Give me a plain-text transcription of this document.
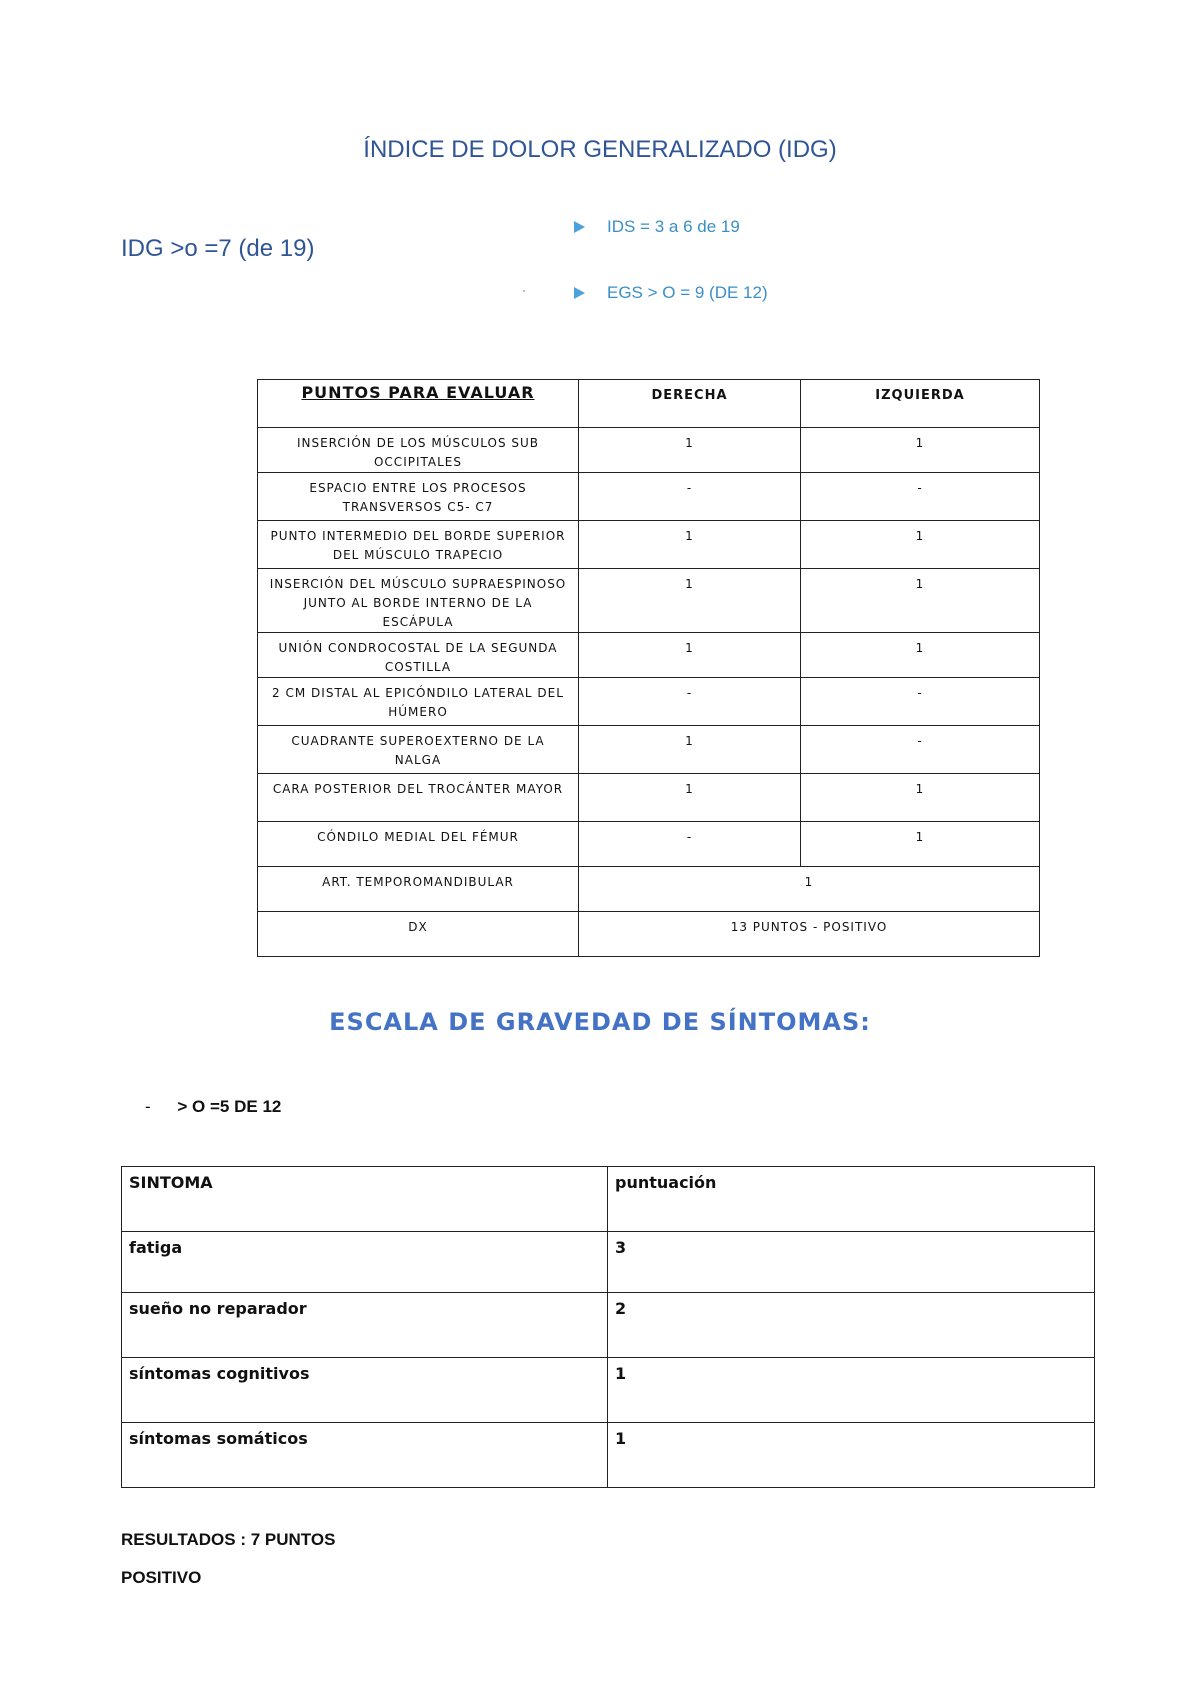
ÍNDICE DE DOLOR GENERALIZADO (IDG)
IDG >o =7 (de 19)
IDS = 3 a 6 de 19
EGS > O = 9 (DE 12)
PUNTOS PARA EVALUAR	DERECHA	IZQUIERDA
INSERCIÓN DE LOS MÚSCULOS SUB OCCIPITALES	1	1
ESPACIO ENTRE LOS PROCESOS TRANSVERSOS C5- C7	-	-
PUNTO INTERMEDIO DEL BORDE SUPERIOR DEL MÚSCULO TRAPECIO	1	1
INSERCIÓN DEL MÚSCULO SUPRAESPINOSO JUNTO AL BORDE INTERNO DE LA ESCÁPULA	1	1
UNIÓN CONDROCOSTAL DE LA SEGUNDA COSTILLA	1	1
2 CM DISTAL AL EPICÓNDILO LATERAL DEL HÚMERO	-	-
CUADRANTE SUPEROEXTERNO DE LA NALGA	1	-
CARA POSTERIOR DEL TROCÁNTER MAYOR	1	1
CÓNDILO MEDIAL DEL FÉMUR	-	1
ART. TEMPOROMANDIBULAR	1	
DX	13 PUNTOS - POSITIVO	
ESCALA DE GRAVEDAD DE SÍNTOMAS:
- > O =5 DE 12
SINTOMA	puntuación
fatiga	3
sueño no reparador	2
síntomas cognitivos	1
síntomas somáticos	1
RESULTADOS : 7 PUNTOS
POSITIVO
